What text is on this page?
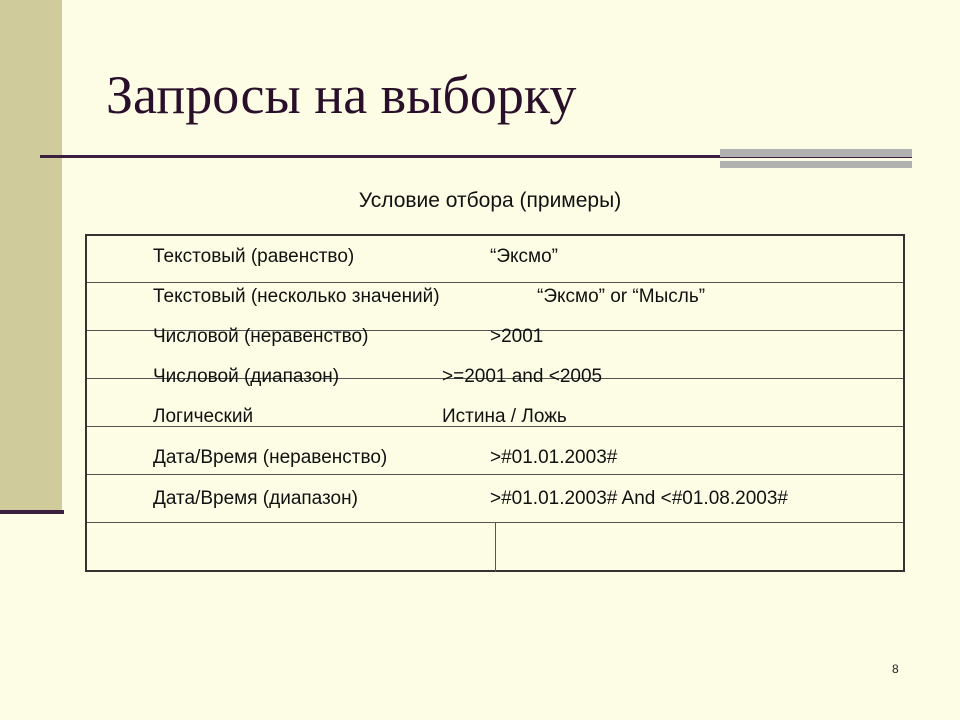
Запросы на выборку
Условие отбора (примеры)
Текстовый (равенство)	“Эксмо”
Текстовый (несколько значений)	“Эксмо” or “Мысль”
Числовой (неравенство)	>2001
Числовой (диапазон)	>=2001 and <2005
Логический	Истина / Ложь
Дата/Время (неравенство)	>#01.01.2003#
Дата/Время (диапазон)	>#01.01.2003# And <#01.08.2003#
8
